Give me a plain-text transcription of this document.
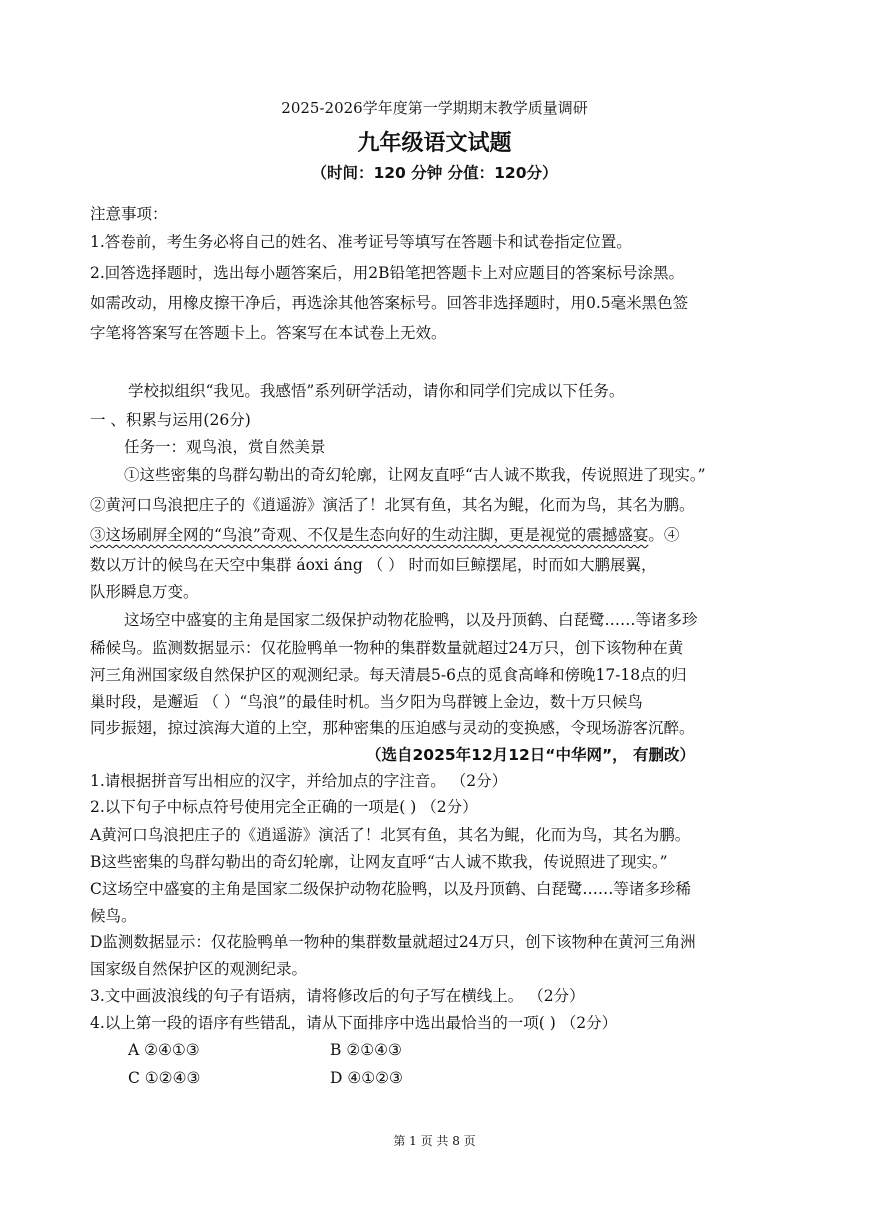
2025-2026学年度第一学期期末教学质量调研
九年级语文试题
（时间：120 分钟 分值：120分）
注意事项：
1.答卷前，考生务必将自己的姓名、准考证号等填写在答题卡和试卷指定位置。
2.回答选择题时，选出每小题答案后，用2B铅笔把答题卡上对应题目的答案标号涂黑。
如需改动，用橡皮擦干净后，再选涂其他答案标号。回答非选择题时，用0.5毫米黑色签
字笔将答案写在答题卡上。答案写在本试卷上无效。
学校拟组织“我见。我感悟”系列研学活动，请你和同学们完成以下任务。
一 、积累与运用(26分)
任务一：观鸟浪，赏自然美景
①这些密集的鸟群勾勒出的奇幻轮廓，让网友直呼“古人诚不欺我，传说照进了现实。”
②黄河口鸟浪把庄子的《逍遥游》演活了！北冥有鱼，其名为鲲，化而为鸟，其名为鹏。
③这场刷屏全网的“鸟浪”奇观、不仅是生态向好的生动注脚，更是视觉的震撼盛宴。④
数以万计的候鸟在天空中集群 áoxi áng （ ） 时而如巨鲸摆尾，时而如大鹏展翼，
队形瞬息万变。
这场空中盛宴的主角是国家二级保护动物花脸鸭，以及丹顶鹤、白琵鹭……等诸多珍
稀候鸟。监测数据显示：仅花脸鸭单一物种的集群数量就超过24万只，创下该物种在黄
河三角洲国家级自然保护区的观测纪录。每天清晨5-6点的觅食高峰和傍晚17-18点的归
巢时段，是邂逅 （ ）“鸟浪”的最佳时机。当夕阳为鸟群镀上金边，数十万只候鸟
同步振翅，掠过滨海大道的上空，那种密集的压迫感与灵动的变换感，令现场游客沉醉。
（选自2025年12月12日“中华网”， 有删改）
1.请根据拼音写出相应的汉字，并给加点的字注音。 （2分）
2.以下句子中标点符号使用完全正确的一项是( ) （2分）
A黄河口鸟浪把庄子的《逍遥游》演活了！北冥有鱼，其名为鲲，化而为鸟，其名为鹏。
B这些密集的鸟群勾勒出的奇幻轮廓，让网友直呼“古人诚不欺我，传说照进了现实。”
C这场空中盛宴的主角是国家二级保护动物花脸鸭，以及丹顶鹤、白琵鹭……等诸多珍稀
候鸟。
D监测数据显示：仅花脸鸭单一物种的集群数量就超过24万只，创下该物种在黄河三角洲
国家级自然保护区的观测纪录。
3.文中画波浪线的句子有语病，请将修改后的句子写在横线上。 （2分）
4.以上第一段的语序有些错乱，请从下面排序中选出最恰当的一项( ) （2分）
A ②④①③	B ②①④③
C ①②④③	D ④①②③
第 1 页 共 8 页
